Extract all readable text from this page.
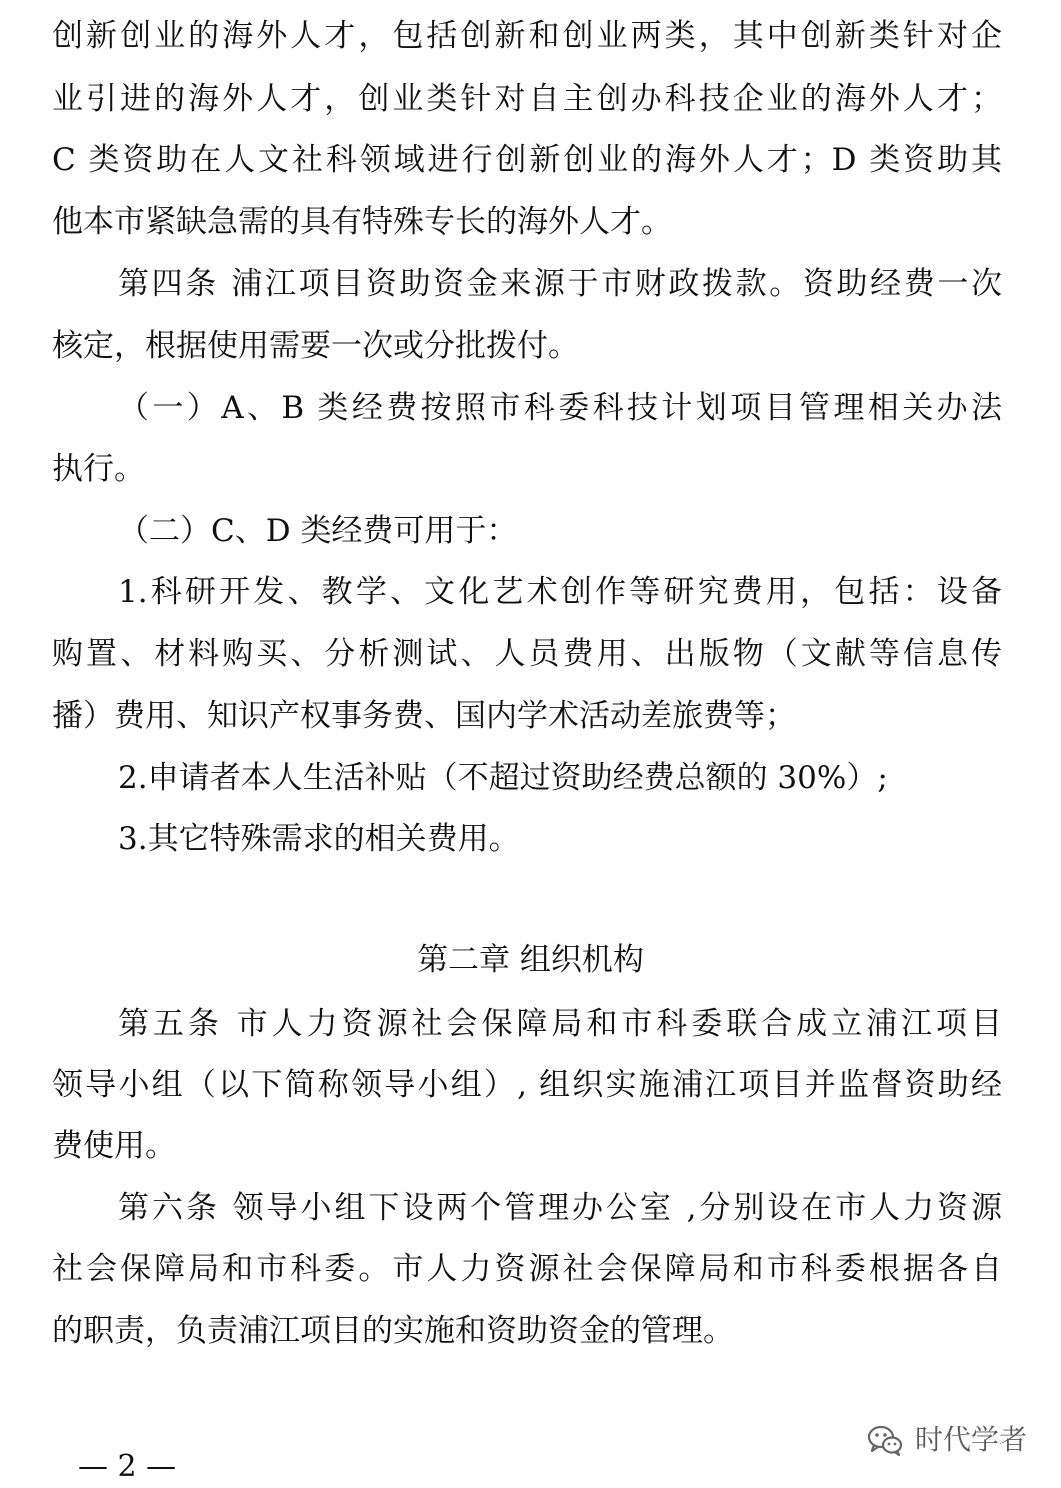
创新创业的海外人才，包括创新和创业两类，其中创新类针对企
业引进的海外人才，创业类针对自主创办科技企业的海外人才；
C 类资助在人文社科领域进行创新创业的海外人才；D 类资助其
他本市紧缺急需的具有特殊专长的海外人才。
第四条 浦江项目资助资金来源于市财政拨款。资助经费一次
核定，根据使用需要一次或分批拨付。
（一）A、B 类经费按照市科委科技计划项目管理相关办法
执行。
（二）C、D 类经费可用于：
1.科研开发、教学、文化艺术创作等研究费用，包括：设备
购置、材料购买、分析测试、人员费用、出版物（文献等信息传
播）费用、知识产权事务费、国内学术活动差旅费等；
2.申请者本人生活补贴（不超过资助经费总额的 30%）;
3.其它特殊需求的相关费用。
第二章 组织机构
第五条 市人力资源社会保障局和市科委联合成立浦江项目
领导小组（以下简称领导小组）, 组织实施浦江项目并监督资助经
费使用。
第六条 领导小组下设两个管理办公室 ,分别设在市人力资源
社会保障局和市科委。市人力资源社会保障局和市科委根据各自
的职责，负责浦江项目的实施和资助资金的管理。
— 2 —
时代学者
